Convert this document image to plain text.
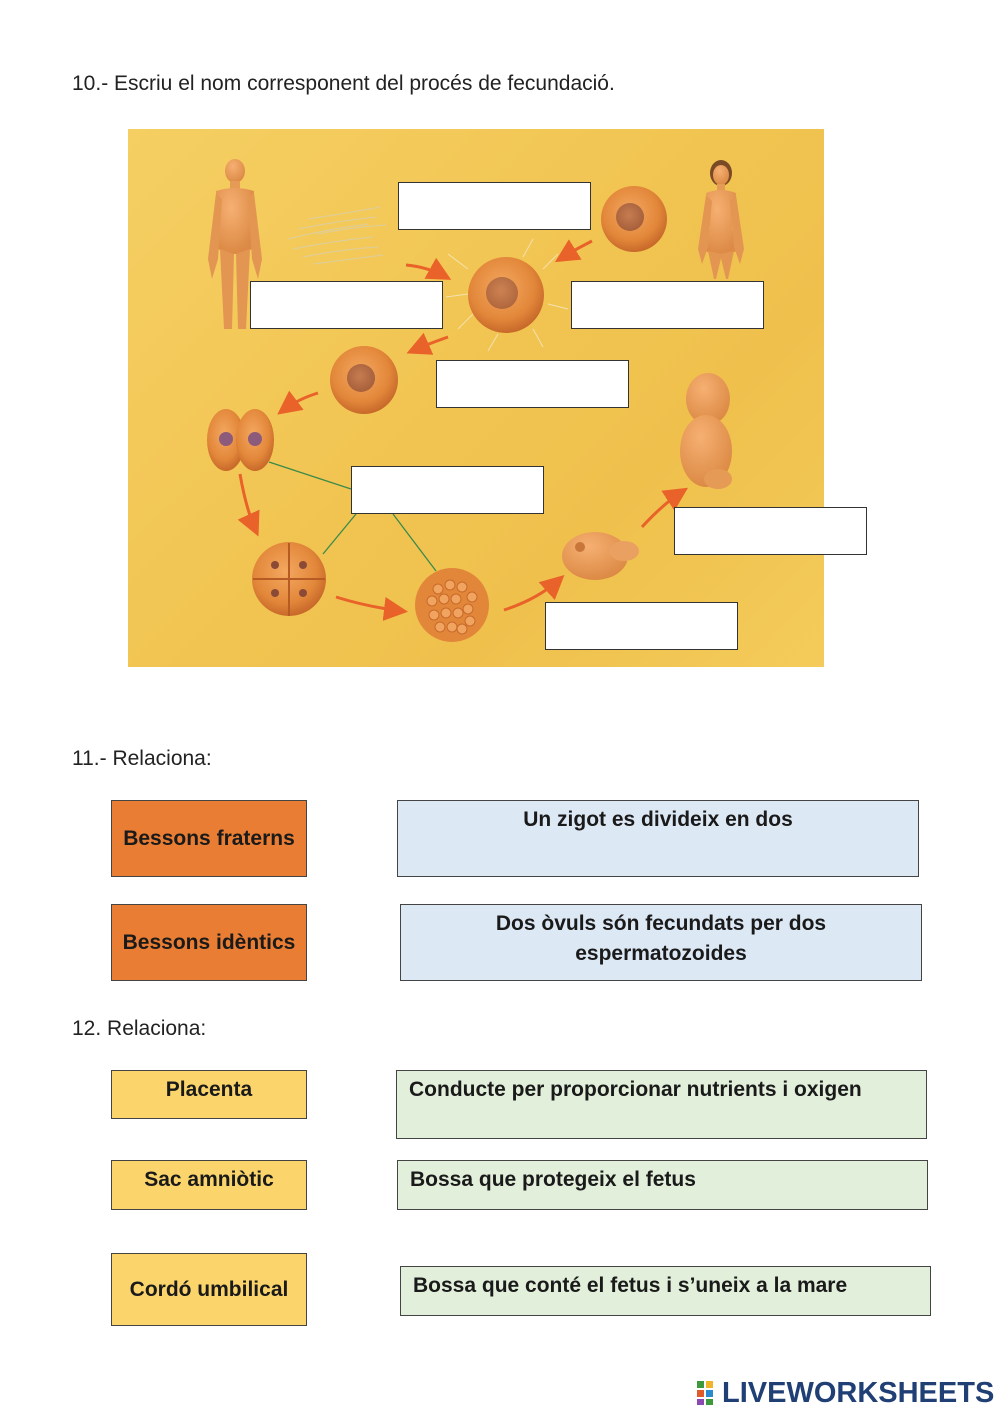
10.- Escriu el nom corresponent del procés de fecundació.
11.- Relaciona:
Bessons fraterns
Bessons idèntics
Un zigot es divideix en dos
Dos òvuls són fecundats per dos espermatozoides
12. Relaciona:
Placenta
Sac amniòtic
Cordó umbilical
Conducte per proporcionar nutrients i oxigen
Bossa que protegeix el fetus
Bossa que conté el fetus i s’uneix a la mare
LIVEWORKSHEETS
